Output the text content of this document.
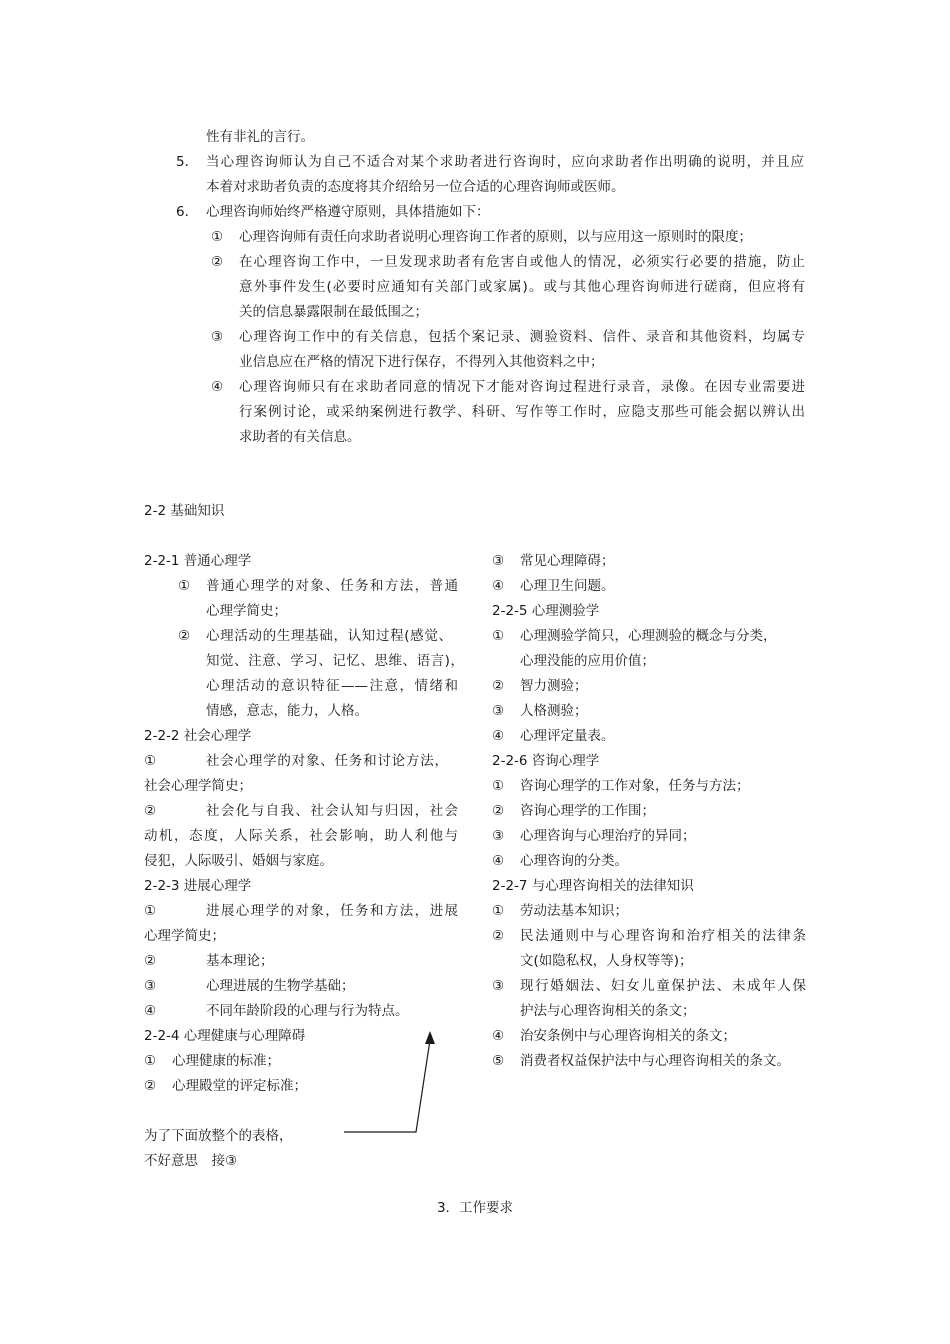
性有非礼的言行。
5． 当心理咨询师认为自己不适合对某个求助者进行咨询时，应向求助者作出明确的说明，并且应
本着对求助者负责的态度将其介绍给另一位合适的心理咨询师或医师。
6． 心理咨询师始终严格遵守原则，具体措施如下：
① 心理咨询师有责任向求助者说明心理咨询工作者的原则，以与应用这一原则时的限度；
② 在心理咨询工作中，一旦发现求助者有危害自或他人的情况，必须实行必要的措施，防止
意外事件发生(必要时应通知有关部门或家属)。或与其他心理咨询师进行磋商，但应将有
关的信息暴露限制在最低围之；
③ 心理咨询工作中的有关信息，包括个案记录、测验资料、信件、录音和其他资料，均属专
业信息应在严格的情况下进行保存，不得列入其他资料之中；
④ 心理咨询师只有在求助者同意的情况下才能对咨询过程进行录音，录像。在因专业需要进
行案例讨论，或采纳案例进行教学、科研、写作等工作时，应隐支那些可能会据以辨认出
求助者的有关信息。
2-2 基础知识
2-2-1 普通心理学
① 普通心理学的对象、任务和方法，普通
心理学简史；
② 心理活动的生理基础，认知过程(感觉、
知觉、注意、学习、记忆、思维、语言)，
心理活动的意识特征——注意，情绪和
情感，意志，能力，人格。
2-2-2 社会心理学
①	社会心理学的对象、任务和讨论方法，
社会心理学简史；
②	社会化与自我、社会认知与归因，社会
动机，态度，人际关系，社会影响，助人利他与
侵犯，人际吸引、婚姻与家庭。
2-2-3 进展心理学
①	进展心理学的对象，任务和方法，进展
心理学简史；
②	基本理论；
③	心理进展的生物学基础；
④	不同年龄阶段的心理与行为特点。
2-2-4 心理健康与心理障碍
① 心理健康的标准；
② 心理殿堂的评定标准；
为了下面放整个的表格，
不好意思　接③
③ 常见心理障碍；
④ 心理卫生问题。
2-2-5 心理测验学
① 心理测验学简只，心理测验的概念与分类，
心理没能的应用价值；
② 智力测验；
③ 人格测验；
④ 心理评定量表。
2-2-6 咨询心理学
① 咨询心理学的工作对象，任务与方法；
② 咨询心理学的工作围；
③ 心理咨询与心理治疗的异同；
④ 心理咨询的分类。
2-2-7 与心理咨询相关的法律知识
① 劳动法基本知识；
② 民法通则中与心理咨询和治疗相关的法律条
文(如隐私权，人身权等等)；
③ 现行婚姻法、妇女儿童保护法、未成年人保
护法与心理咨询相关的条文；
④ 治安条例中与心理咨询相关的条文；
⑤ 消费者权益保护法中与心理咨询相关的条文。
3．工作要求
